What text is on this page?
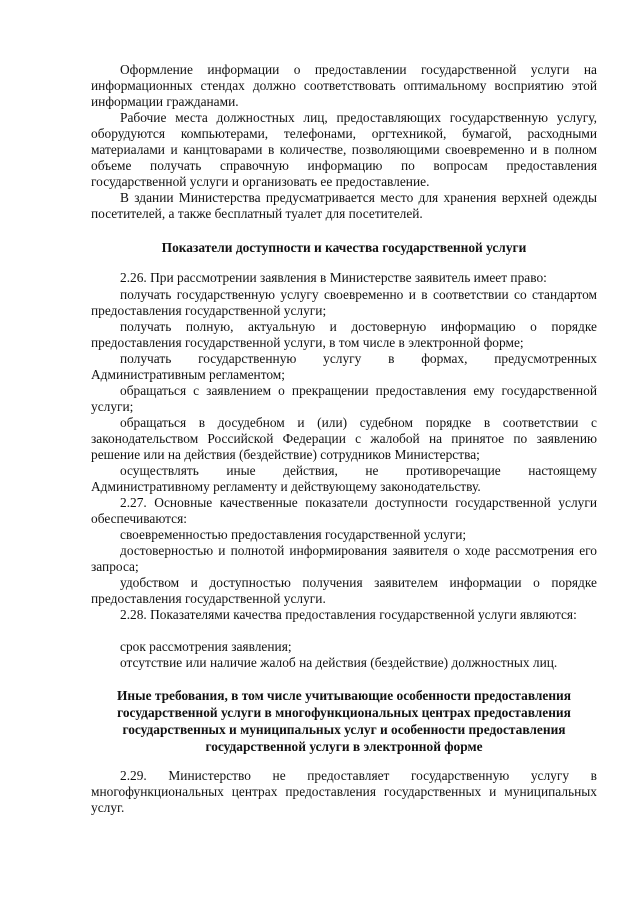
Оформление информации о предоставлении государственной услуги на информационных стендах должно соответствовать оптимальному восприятию этой информации гражданами.

Рабочие места должностных лиц, предоставляющих государственную услугу, оборудуются компьютерами, телефонами, оргтехникой, бумагой, расходными материалами и канцтоварами в количестве, позволяющими своевременно и в полном объеме получать справочную информацию по вопросам предоставления государственной услуги и организовать ее предоставление.

В здании Министерства предусматривается место для хранения верхней одежды посетителей, а также бесплатный туалет для посетителей.

Показатели доступности и качества государственной услуги

2.26. При рассмотрении заявления в Министерстве заявитель имеет право:

получать государственную услугу своевременно и в соответствии со стандартом предоставления государственной услуги;

получать полную, актуальную и достоверную информацию о порядке предоставления государственной услуги, в том числе в электронной форме;

получать государственную услугу в формах, предусмотренных Административным регламентом;

обращаться с заявлением о прекращении предоставления ему государственной услуги;

обращаться в досудебном и (или) судебном порядке в соответствии с законодательством Российской Федерации с жалобой на принятое по заявлению решение или на действия (бездействие) сотрудников Министерства;

осуществлять иные действия, не противоречащие настоящему Административному регламенту и действующему законодательству.

2.27. Основные качественные показатели доступности государственной услуги обеспечиваются:

своевременностью предоставления государственной услуги;

достоверностью и полнотой информирования заявителя о ходе рассмотрения его запроса;

удобством и доступностью получения заявителем информации о порядке предоставления государственной услуги.

2.28. Показателями качества предоставления государственной услуги являются:

срок рассмотрения заявления;

отсутствие или наличие жалоб на действия (бездействие) должностных лиц.

Иные требования, в том числе учитывающие особенности предоставления государственной услуги в многофункциональных центрах предоставления государственных и муниципальных услуг и особенности предоставления государственной услуги в электронной форме

2.29. Министерство не предоставляет государственную услугу в многофункциональных центрах предоставления государственных и муниципальных услуг.
